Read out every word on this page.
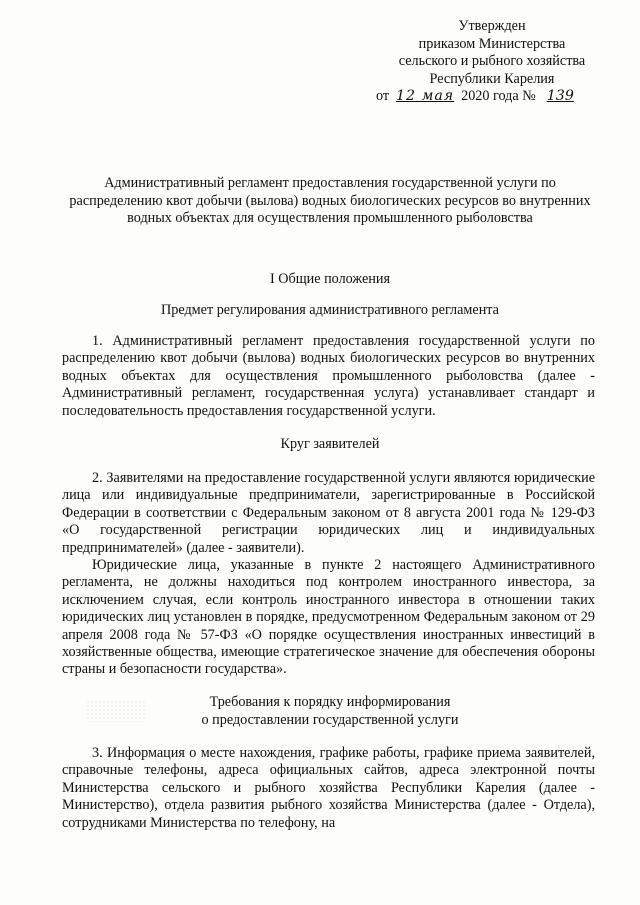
Утвержден
приказом Министерства
сельского и рыбного хозяйства
Республики Карелия
от 12 мая 2020 года № 139
Административный регламент предоставления государственной услуги по распределению квот добычи (вылова) водных биологических ресурсов во внутренних водных объектах для осуществления промышленного рыболовства
I Общие положения
Предмет регулирования административного регламента
1. Административный регламент предоставления государственной услуги по распределению квот добычи (вылова) водных биологических ресурсов во внутренних водных объектах для осуществления промышленного рыболовства (далее - Административный регламент, государственная услуга) устанавливает стандарт и последовательность предоставления государственной услуги.
Круг заявителей
2. Заявителями на предоставление государственной услуги являются юридические лица или индивидуальные предприниматели, зарегистрированные в Российской Федерации в соответствии с Федеральным законом от 8 августа 2001 года № 129-ФЗ «О государственной регистрации юридических лиц и индивидуальных предпринимателей» (далее - заявители).
Юридические лица, указанные в пункте 2 настоящего Административного регламента, не должны находиться под контролем иностранного инвестора, за исключением случая, если контроль иностранного инвестора в отношении таких юридических лиц установлен в порядке, предусмотренном Федеральным законом от 29 апреля 2008 года № 57-ФЗ «О порядке осуществления иностранных инвестиций в хозяйственные общества, имеющие стратегическое значение для обеспечения обороны страны и безопасности государства».
Требования к порядку информирования
о предоставлении государственной услуги
3. Информация о месте нахождения, графике работы, графике приема заявителей, справочные телефоны, адреса официальных сайтов, адреса электронной почты Министерства сельского и рыбного хозяйства Республики Карелия (далее - Министерство), отдела развития рыбного хозяйства Министерства (далее - Отдела), сотрудниками Министерства по телефону, на
